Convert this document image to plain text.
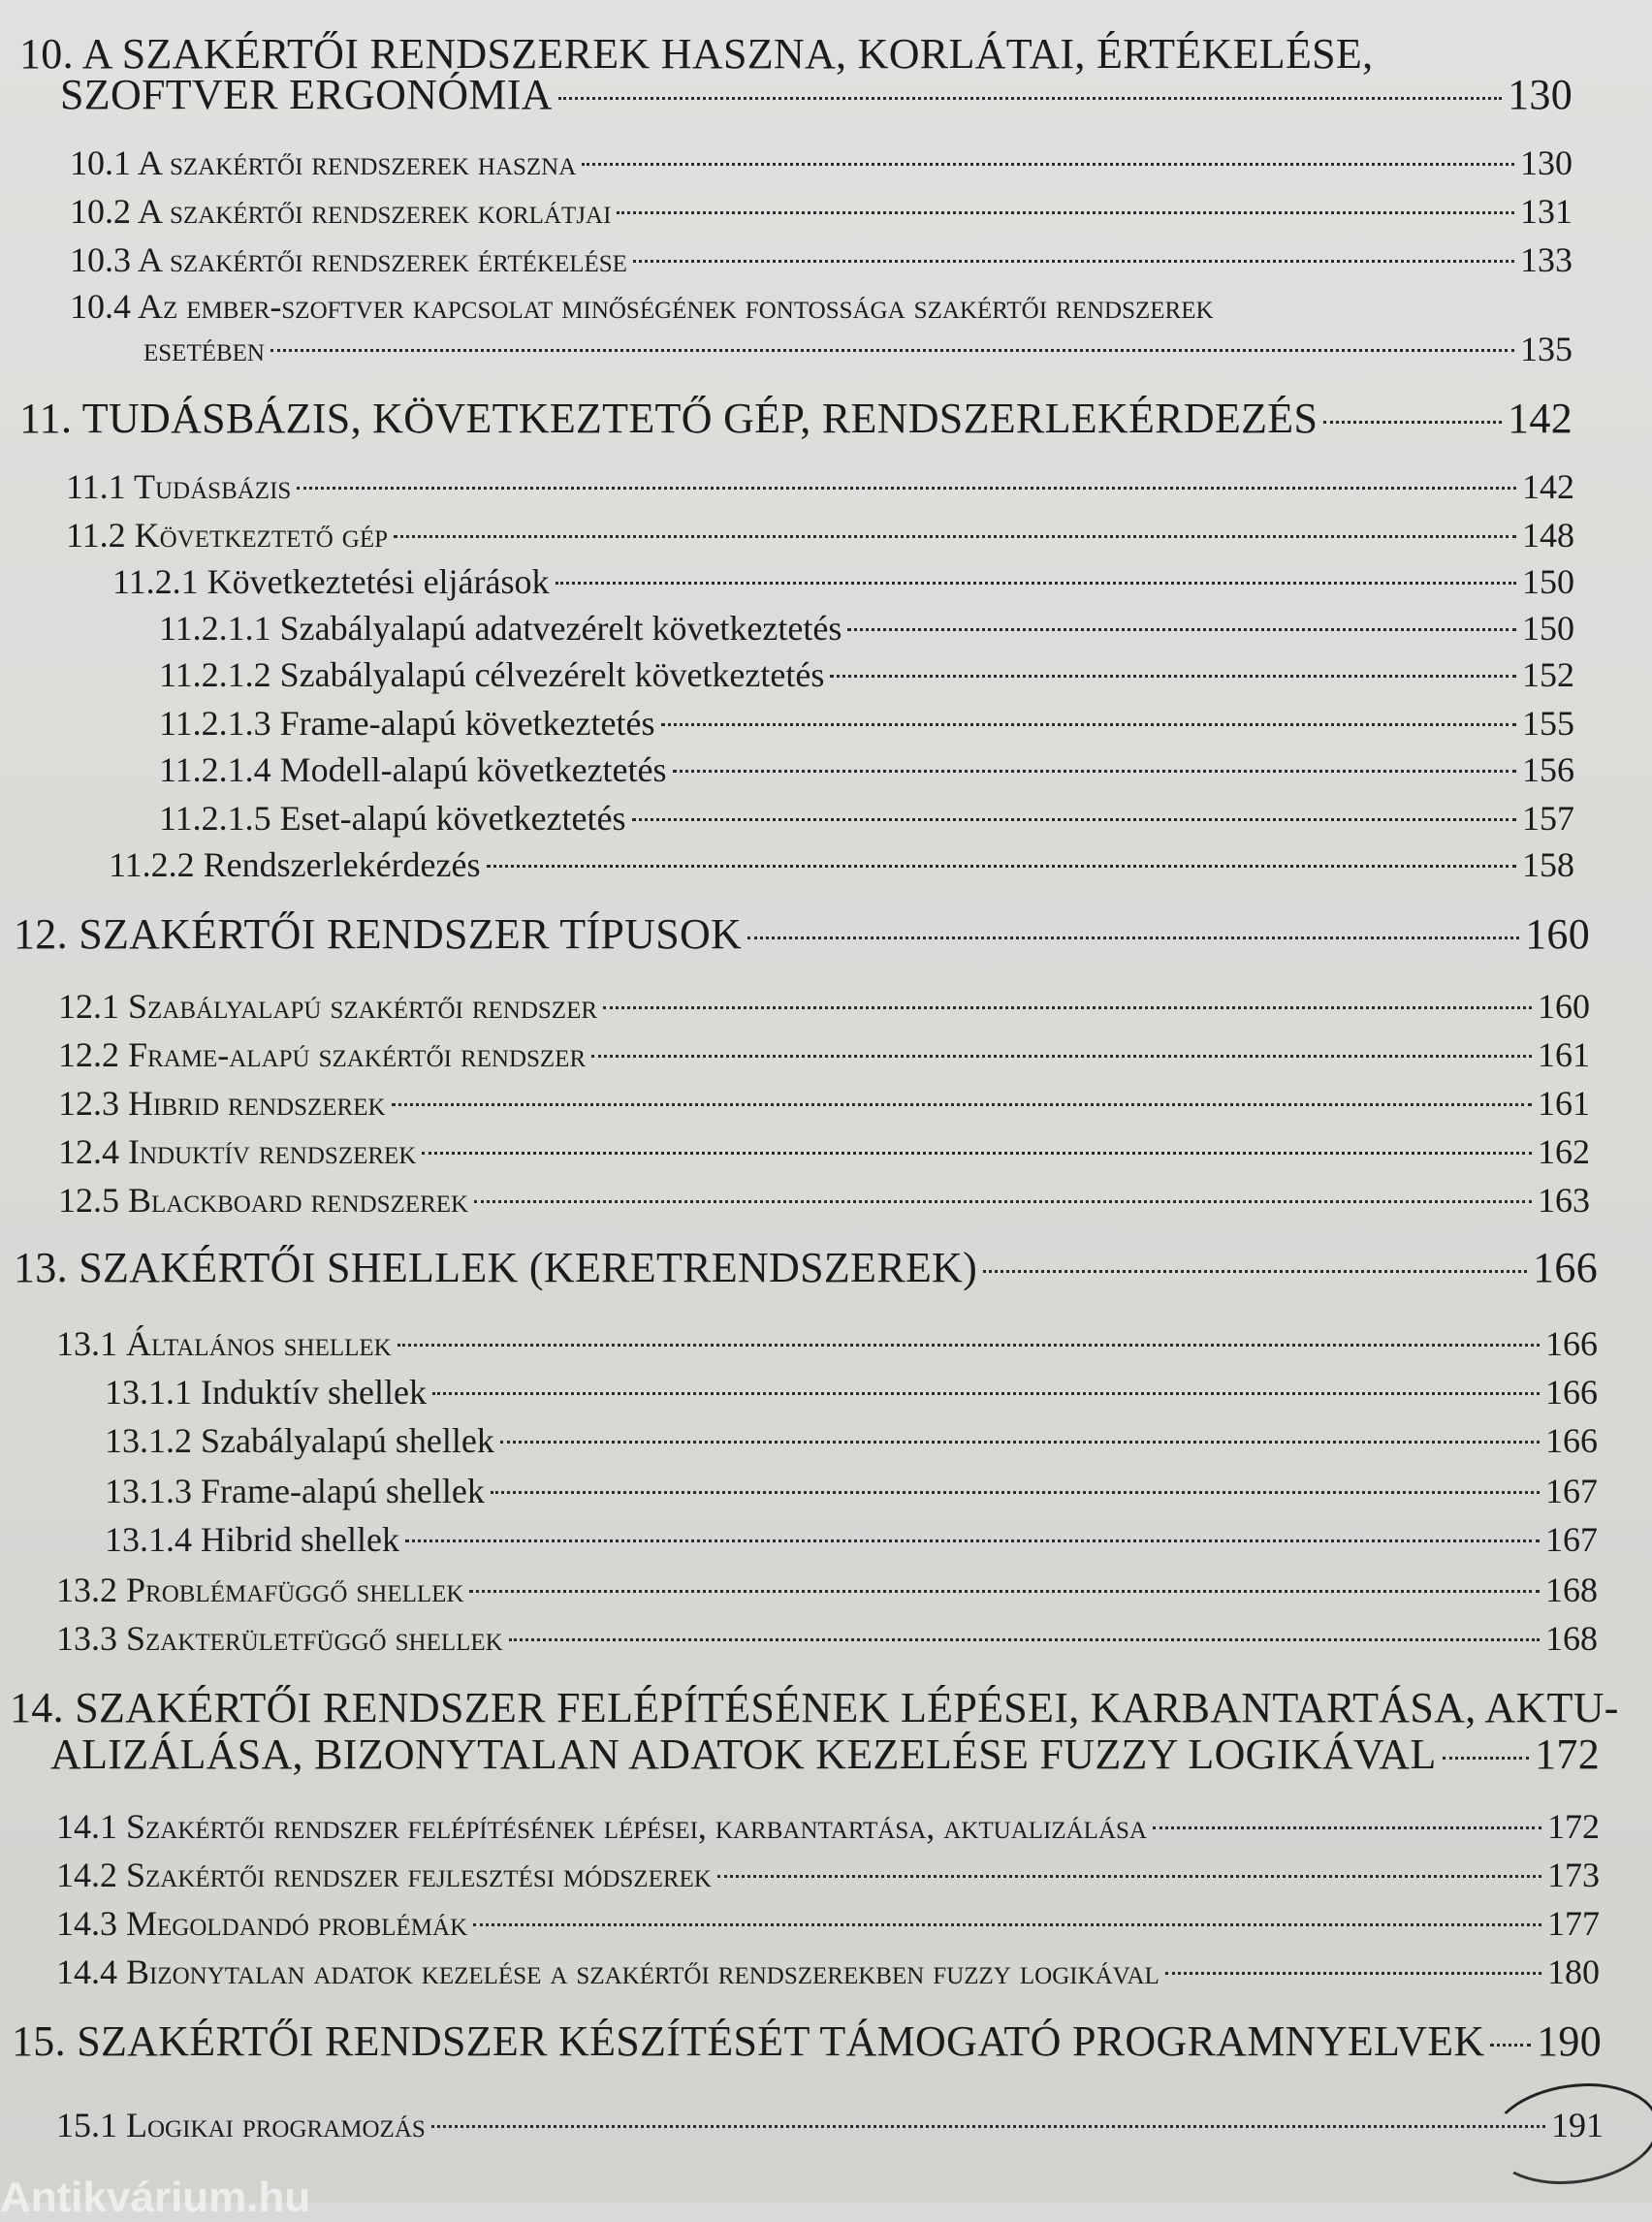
10. A SZAKÉRTŐI RENDSZEREK HASZNA, KORLÁTAI, ÉRTÉKELÉSE,
SZOFTVER ERGONÓMIA	130
10.1 A szakértői rendszerek haszna	130
10.2 A szakértői rendszerek korlátjai	131
10.3 A szakértői rendszerek értékelése	133
10.4 Az ember-szoftver kapcsolat minőségének fontossága szakértői rendszerek
esetében	135
11. TUDÁSBÁZIS, KÖVETKEZTETŐ GÉP, RENDSZERLEKÉRDEZÉS	142
11.1 Tudásbázis	142
11.2 Következtető gép	148
11.2.1 Következtetési eljárások	150
11.2.1.1 Szabályalapú adatvezérelt következtetés	150
11.2.1.2 Szabályalapú célvezérelt következtetés	152
11.2.1.3 Frame-alapú következtetés	155
11.2.1.4 Modell-alapú következtetés	156
11.2.1.5 Eset-alapú következtetés	157
11.2.2 Rendszerlekérdezés	158
12. SZAKÉRTŐI RENDSZER TÍPUSOK	160
12.1 Szabályalapú szakértői rendszer	160
12.2 Frame-alapú szakértői rendszer	161
12.3 Hibrid rendszerek	161
12.4 Induktív rendszerek	162
12.5 Blackboard rendszerek	163
13. SZAKÉRTŐI SHELLEK (KERETRENDSZEREK)	166
13.1 Általános shellek	166
13.1.1 Induktív shellek	166
13.1.2 Szabályalapú shellek	166
13.1.3 Frame-alapú shellek	167
13.1.4 Hibrid shellek	167
13.2 Problémafüggő shellek	168
13.3 Szakterületfüggő shellek	168
14. SZAKÉRTŐI RENDSZER FELÉPÍTÉSÉNEK LÉPÉSEI, KARBANTARTÁSA, AKTU-
ALIZÁLÁSA, BIZONYTALAN ADATOK KEZELÉSE FUZZY LOGIKÁVAL 172
14.1 Szakértői rendszer felépítésének lépései, karbantartása, aktualizálása	172
14.2 Szakértői rendszer fejlesztési módszerek	173
14.3 Megoldandó problémák	177
14.4 Bizonytalan adatok kezelése a szakértői rendszerekben fuzzy logikával	180
15. SZAKÉRTŐI RENDSZER KÉSZÍTÉSÉT TÁMOGATÓ PROGRAMNYELVEK 190
15.1 Logikai programozás	191
Antikvárium.hu
